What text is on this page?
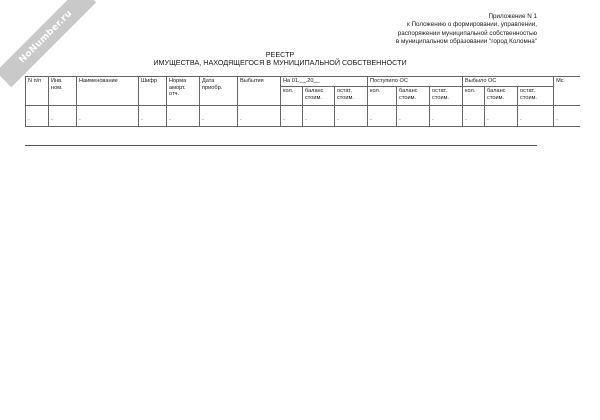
NoNumber.ru	Приложение N 1
к Положению о формировании, управлении,
распоряжении муниципальной собственностью
в муниципальном образовании "город Коломна"
РЕЕСТР
ИМУЩЕСТВА, НАХОДЯЩЕГОСЯ В МУНИЦИПАЛЬНОЙ СОБСТВЕННОСТИ
N п/п	Инв. ном.	Наименование	Шифр	Норма аморт. отч.	Дата приобр.	Выбытия	На 01.__.20__			Поступило ОС			Выбыло ОС			Мс
							кол.	баланс стоим.	остат. стоим.	кол.	баланс стоим.	остат. стоим.	кол.	баланс стоим.	остат. стоим.	

-	-	-	-	-	-	-	-	-	-	-	-	-	-	-	-	-
